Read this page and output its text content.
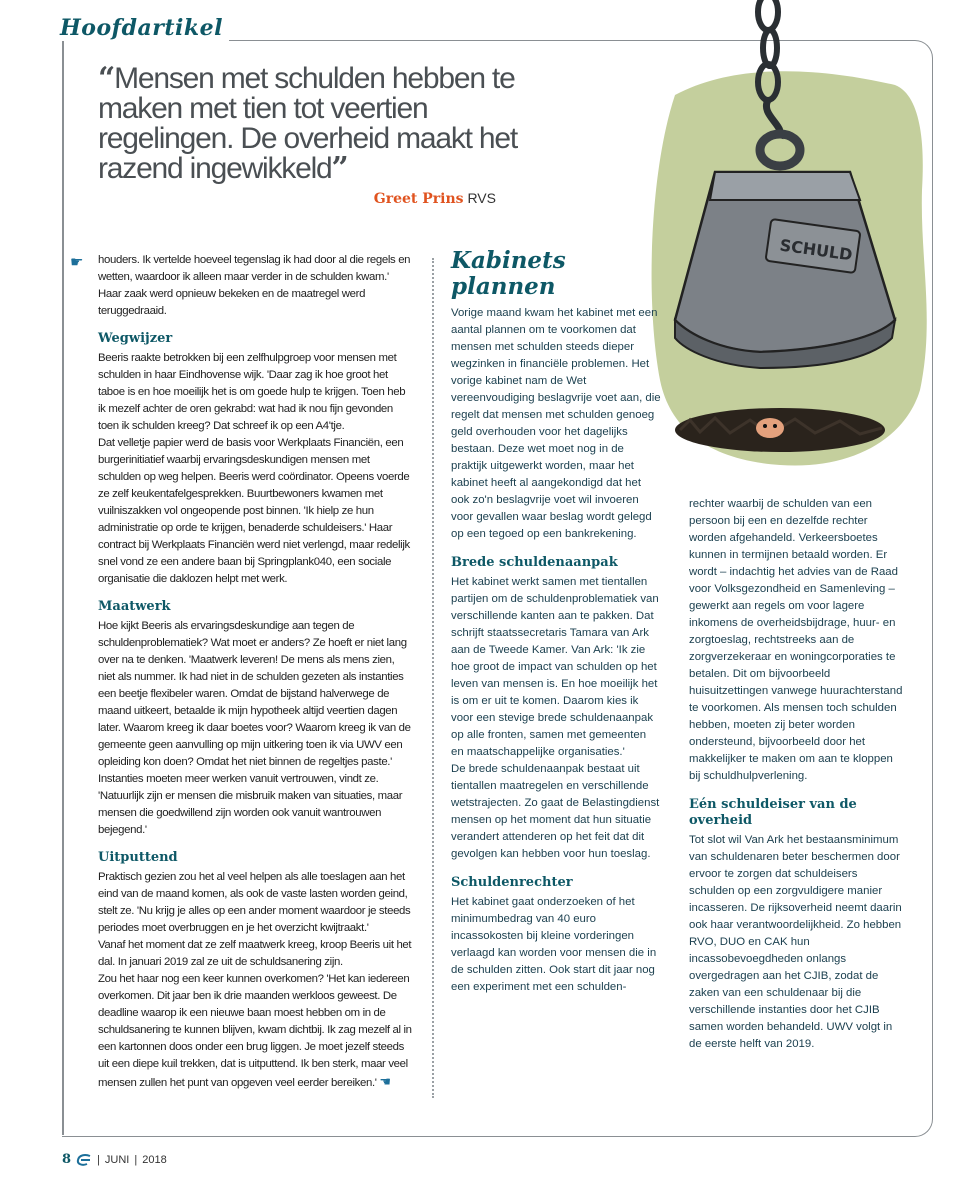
Hoofdartikel
“Mensen met schulden hebben te maken met tien tot veertien regelingen. De overheid maakt het razend ingewikkeld”
Greet Prins RVS
SCHULD
☛ houders. Ik vertelde hoeveel tegenslag ik had door al die regels en wetten, waardoor ik alleen maar verder in de schulden kwam.' Haar zaak werd opnieuw bekeken en de maatregel werd teruggedraaid.

Wegwijzer

Beeris raakte betrokken bij een zelfhulpgroep voor mensen met schulden in haar Eindhovense wijk. 'Daar zag ik hoe groot het taboe is en hoe moeilijk het is om goede hulp te krijgen. Toen heb ik mezelf achter de oren gekrabd: wat had ik nou fijn gevonden toen ik schulden kreeg? Dat schreef ik op een A4'tje.

Dat velletje papier werd de basis voor Werkplaats Financiën, een burgerinitiatief waarbij ervaringsdeskundigen mensen met schulden op weg helpen. Beeris werd coördinator. Opeens voerde ze zelf keukentafelgesprekken. Buurtbewoners kwamen met vuilniszakken vol ongeopende post binnen. 'Ik hielp ze hun administratie op orde te krijgen, benaderde schuldeisers.' Haar contract bij Werkplaats Financiën werd niet verlengd, maar redelijk snel vond ze een andere baan bij Springplank040, een sociale organisatie die daklozen helpt met werk.

Maatwerk

Hoe kijkt Beeris als ervaringsdeskundige aan tegen de schuldenproblematiek? Wat moet er anders? Ze hoeft er niet lang over na te denken. 'Maatwerk leveren! De mens als mens zien, niet als nummer. Ik had niet in de schulden gezeten als instanties een beetje flexibeler waren. Omdat de bijstand halverwege de maand uitkeert, betaalde ik mijn hypotheek altijd veertien dagen later. Waarom kreeg ik daar boetes voor? Waarom kreeg ik van de gemeente geen aanvulling op mijn uitkering toen ik via UWV een opleiding kon doen? Omdat het niet binnen de regeltjes paste.'

Instanties moeten meer werken vanuit vertrouwen, vindt ze. 'Natuurlijk zijn er mensen die misbruik maken van situaties, maar mensen die goedwillend zijn worden ook vanuit wantrouwen bejegend.'

Uitputtend

Praktisch gezien zou het al veel helpen als alle toeslagen aan het eind van de maand komen, als ook de vaste lasten worden geind, stelt ze. 'Nu krijg je alles op een ander moment waardoor je steeds periodes moet overbruggen en je het overzicht kwijtraakt.'

Vanaf het moment dat ze zelf maatwerk kreeg, kroop Beeris uit het dal. In januari 2019 zal ze uit de schuldsanering zijn.

Zou het haar nog een keer kunnen overkomen? 'Het kan iedereen overkomen. Dit jaar ben ik drie maanden werkloos geweest. De deadline waarop ik een nieuwe baan moest hebben om in de schuldsanering te kunnen blijven, kwam dichtbij. Ik zag mezelf al in een kartonnen doos onder een brug liggen. Je moet jezelf steeds uit een diepe kuil trekken, dat is uitputtend. Ik ben sterk, maar veel mensen zullen het punt van opgeven veel eerder bereiken.' ☚

Kabinets
plannen

Vorige maand kwam het kabinet met een aantal plannen om te voorkomen dat mensen met schulden steeds dieper wegzinken in financiële problemen. Het vorige kabinet nam de Wet vereenvoudiging beslagvrije voet aan, die regelt dat mensen met schulden genoeg geld overhouden voor het dagelijks bestaan. Deze wet moet nog in de praktijk uitgewerkt worden, maar het kabinet heeft al aangekondigd dat het ook zo'n beslagvrije voet wil invoeren voor gevallen waar beslag wordt gelegd op een tegoed op een bankrekening.

Brede schuldenaanpak

Het kabinet werkt samen met tientallen partijen om de schuldenproblematiek van verschillende kanten aan te pakken. Dat schrijft staatssecretaris Tamara van Ark aan de Tweede Kamer. Van Ark: 'Ik zie hoe groot de impact van schulden op het leven van mensen is. En hoe moeilijk het is om er uit te komen. Daarom kies ik voor een stevige brede schuldenaanpak op alle fronten, samen met gemeenten en maatschappelijke organisaties.'

De brede schuldenaanpak bestaat uit tientallen maatregelen en verschillende wetstrajecten. Zo gaat de Belastingdienst mensen op het moment dat hun situatie verandert attenderen op het feit dat dit gevolgen kan hebben voor hun toeslag.

Schuldenrechter

Het kabinet gaat onderzoeken of het minimumbedrag van 40 euro incassokosten bij kleine vorderingen verlaagd kan worden voor mensen die in de schulden zitten. Ook start dit jaar nog een experiment met een schulden-

rechter waarbij de schulden van een persoon bij een en dezelfde rechter worden afgehandeld. Verkeersboetes kunnen in termijnen betaald worden. Er wordt – indachtig het advies van de Raad voor Volksgezondheid en Samenleving – gewerkt aan regels om voor lagere inkomens de overheidsbijdrage, huur- en zorgtoeslag, rechtstreeks aan de zorgverzekeraar en woningcorporaties te betalen. Dit om bijvoorbeeld huisuitzettingen vanwege huurachterstand te voorkomen. Als mensen toch schulden hebben, moeten zij beter worden ondersteund, bijvoorbeeld door het makkelijker te maken om aan te kloppen bij schuldhulpverlening.

Eén schuldeiser van de overheid

Tot slot wil Van Ark het bestaansminimum van schuldenaren beter beschermen door ervoor te zorgen dat schuldeisers schulden op een zorgvuldigere manier incasseren. De rijksoverheid neemt daarin ook haar verantwoordelijkheid. Zo hebben RVO, DUO en CAK hun incassobevoegdheden onlangs overgedragen aan het CJIB, zodat de zaken van een schuldenaar bij die verschillende instanties door het CJIB samen worden behandeld. UWV volgt in de eerste helft van 2019.

8 | JUNI | 2018
